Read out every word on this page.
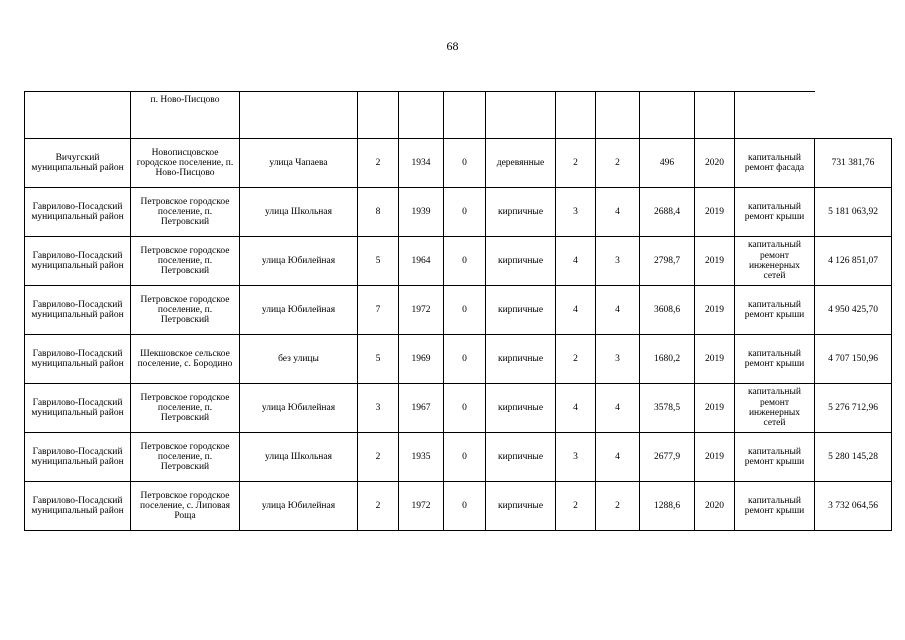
68
	п. Ново-Писцово											
Вичугский муниципальный район	Новописцовское городское поселение, п. Ново-Писцово	улица Чапаева	2	1934	0	деревянные	2	2	496	2020	капитальный ремонт фасада	731 381,76
Гаврилово-Посадский муниципальный район	Петровское городское поселение, п. Петровский	улица Школьная	8	1939	0	кирпичные	3	4	2688,4	2019	капитальный ремонт крыши	5 181 063,92
Гаврилово-Посадский муниципальный район	Петровское городское поселение, п. Петровский	улица Юбилейная	5	1964	0	кирпичные	4	3	2798,7	2019	капитальный ремонт инженерных сетей	4 126 851,07
Гаврилово-Посадский муниципальный район	Петровское городское поселение, п. Петровский	улица Юбилейная	7	1972	0	кирпичные	4	4	3608,6	2019	капитальный ремонт крыши	4 950 425,70
Гаврилово-Посадский муниципальный район	Шекшовское сельское поселение, с. Бородино	без улицы	5	1969	0	кирпичные	2	3	1680,2	2019	капитальный ремонт крыши	4 707 150,96
Гаврилово-Посадский муниципальный район	Петровское городское поселение, п. Петровский	улица Юбилейная	3	1967	0	кирпичные	4	4	3578,5	2019	капитальный ремонт инженерных сетей	5 276 712,96
Гаврилово-Посадский муниципальный район	Петровское городское поселение, п. Петровский	улица Школьная	2	1935	0	кирпичные	3	4	2677,9	2019	капитальный ремонт крыши	5 280 145,28
Гаврилово-Посадский муниципальный район	Петровское городское поселение, с. Липовая Роща	улица Юбилейная	2	1972	0	кирпичные	2	2	1288,6	2020	капитальный ремонт крыши	3 732 064,56
